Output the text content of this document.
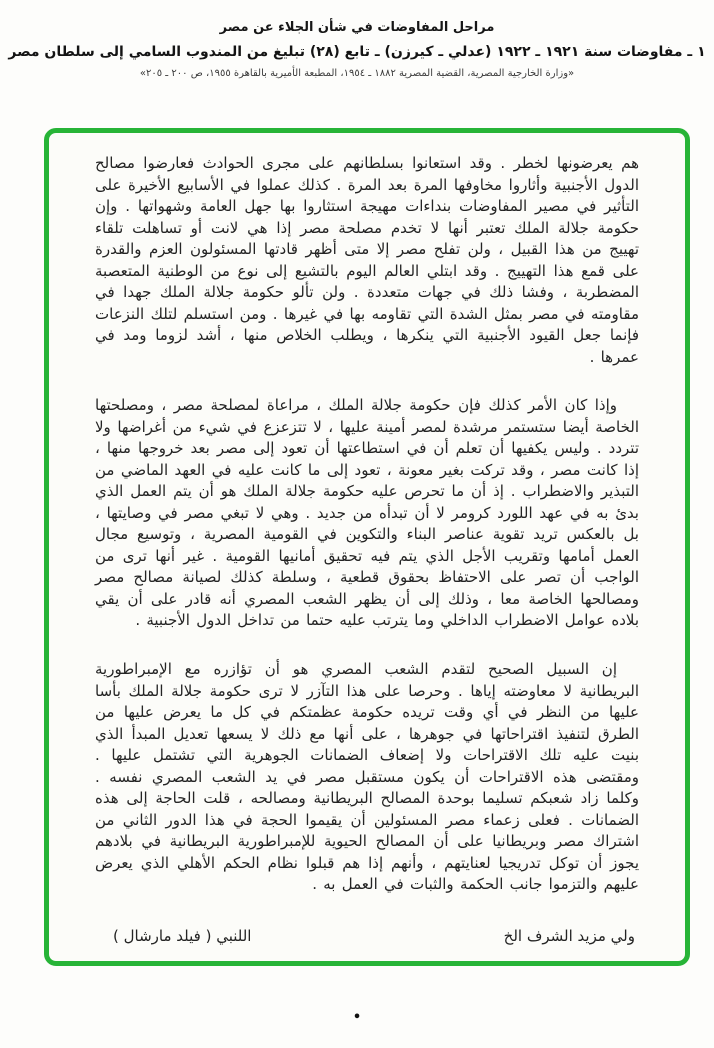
مراحل المفاوضات في شأن الجلاء عن مصر
١ ـ مفاوضات سنة ١٩٢١ ـ ١٩٢٢ (عدلي ـ كيرزن) ـ تابع (٢٨) تبليغ من المندوب السامي إلى سلطان مصر
«وزارة الخارجية المصرية، القضية المصرية ١٨٨٢ ـ ١٩٥٤، المطبعة الأميرية بالقاهرة ١٩٥٥، ص ٢٠٠ ـ ٢٠٥»

هم يعرضونها لخطر . وقد استعانوا بسلطانهم على مجرى الحوادث فعارضوا مصالح الدول الأجنبية وأثاروا مخاوفها المرة بعد المرة . كذلك عملوا في الأسابيع الأخيرة على التأثير في مصير المفاوضات بنداءات مهيجة استثاروا بها جهل العامة وشهواتها . وإن حكومة جلالة الملك تعتبر أنها لا تخدم مصلحة مصر إذا هي لانت أو تساهلت تلقاء تهييج من هذا القبيل ، ولن تفلح مصر إلا متى أظهر قادتها المسئولون العزم والقدرة على قمع هذا التهييج . وقد ابتلي العالم اليوم بالتشيع إلى نوع من الوطنية المتعصبة المضطربة ، وفشا ذلك في جهات متعددة . ولن تألو حكومة جلالة الملك جهدا في مقاومته في مصر بمثل الشدة التي تقاومه بها في غيرها . ومن استسلم لتلك النزعات فإنما جعل القيود الأجنبية التي ينكرها ، ويطلب الخلاص منها ، أشد لزوما ومد في عمرها .

وإذا كان الأمر كذلك فإن حكومة جلالة الملك ، مراعاة لمصلحة مصر ، ومصلحتها الخاصة أيضا ستستمر مرشدة لمصر أمينة عليها ، لا تتزعزع في شيء من أغراضها ولا تتردد . وليس يكفيها أن تعلم أن في استطاعتها أن تعود إلى مصر بعد خروجها منها ، إذا كانت مصر ، وقد تركت بغير معونة ، تعود إلى ما كانت عليه في العهد الماضي من التبذير والاضطراب . إذ أن ما تحرص عليه حكومة جلالة الملك هو أن يتم العمل الذي بدئ به في عهد اللورد كرومر لا أن تبدأه من جديد . وهي لا تبغي مصر في وصايتها ، بل بالعكس تريد تقوية عناصر البناء والتكوين في القومية المصرية ، وتوسيع مجال العمل أمامها وتقريب الأجل الذي يتم فيه تحقيق أمانيها القومية . غير أنها ترى من الواجب أن تصر على الاحتفاظ بحقوق قطعية ، وسلطة كذلك لصيانة مصالح مصر ومصالحها الخاصة معا ، وذلك إلى أن يظهر الشعب المصري أنه قادر على أن يقي بلاده عوامل الاضطراب الداخلي وما يترتب عليه حتما من تداخل الدول الأجنبية .

إن السبيل الصحيح لتقدم الشعب المصري هو أن تؤازره مع الإمبراطورية البريطانية لا معاوضته إياها . وحرصا على هذا التآزر لا ترى حكومة جلالة الملك بأسا عليها من النظر في أي وقت تريده حكومة عظمتكم في كل ما يعرض عليها من الطرق لتنفيذ اقتراحاتها في جوهرها ، على أنها مع ذلك لا يسعها تعديل المبدأ الذي بنيت عليه تلك الاقتراحات ولا إضعاف الضمانات الجوهرية التي تشتمل عليها . ومقتضى هذه الاقتراحات أن يكون مستقبل مصر في يد الشعب المصري نفسه . وكلما زاد شعبكم تسليما بوحدة المصالح البريطانية ومصالحه ، قلت الحاجة إلى هذه الضمانات . فعلى زعماء مصر المسئولين أن يقيموا الحجة في هذا الدور الثاني من اشتراك مصر وبريطانيا على أن المصالح الحيوية للإمبراطورية البريطانية في بلادهم يجوز أن توكل تدريجيا لعنايتهم ، وأنهم إذا هم قبلوا نظام الحكم الأهلي الذي يعرض عليهم والتزموا جانب الحكمة والثبات في العمل به .

ولي مزيد الشرف الخ
اللنبي ( فيلد مارشال )
•
